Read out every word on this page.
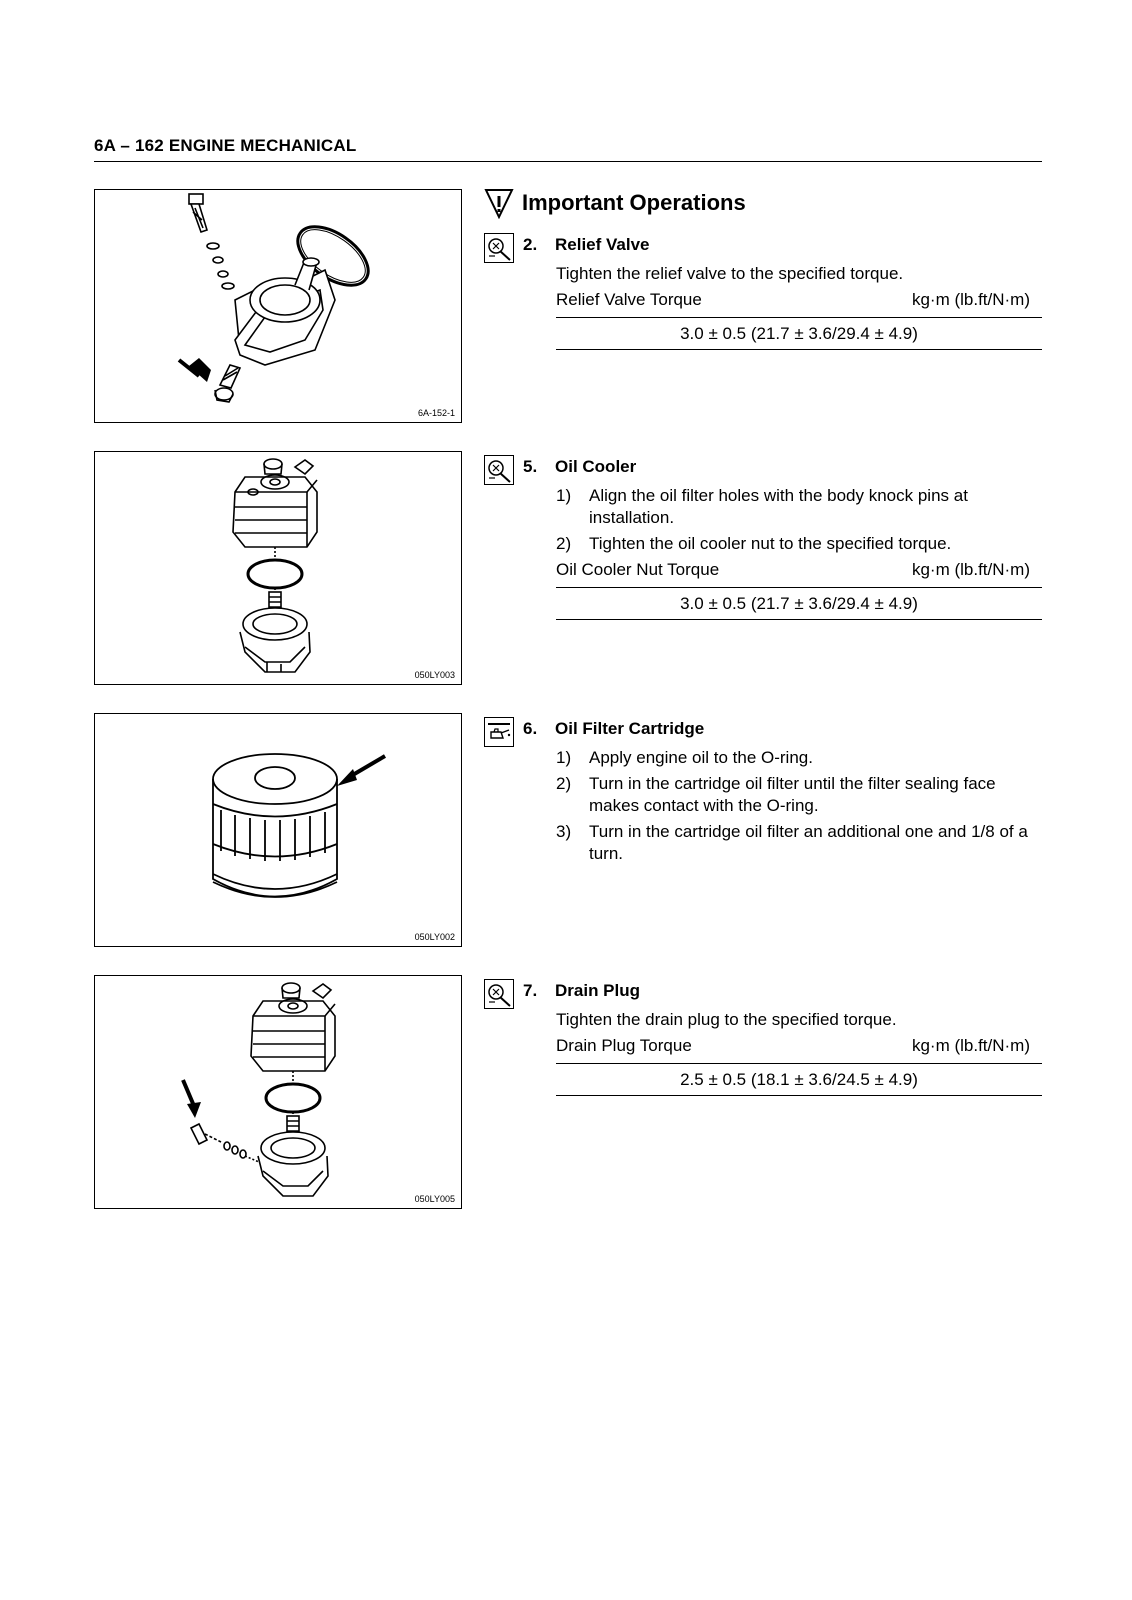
6A – 162 ENGINE MECHANICAL
6A-152-1
050LY003
050LY002
050LY005
Important Operations
2.	Relief Valve

Tighten the relief valve to the specified torque.

Relief Valve Torque	kg·m (lb.ft/N·m)
3.0 ± 0.5 (21.7 ± 3.6/29.4 ± 4.9)
5.	Oil Cooler
1)	Align the oil filter holes with the body knock pins at installation.
2)	Tighten the oil cooler nut to the specified torque.
Oil Cooler Nut Torque	kg·m (lb.ft/N·m)
3.0 ± 0.5 (21.7 ± 3.6/29.4 ± 4.9)
6.	Oil Filter Cartridge
1)	Apply engine oil to the O-ring.
2)	Turn in the cartridge oil filter until the filter sealing face makes contact with the O-ring.
3)	Turn in the cartridge oil filter an additional one and 1/8 of a turn.
7.	Drain Plug

Tighten the drain plug to the specified torque.

Drain Plug Torque	kg·m (lb.ft/N·m)
2.5 ± 0.5 (18.1 ± 3.6/24.5 ± 4.9)
